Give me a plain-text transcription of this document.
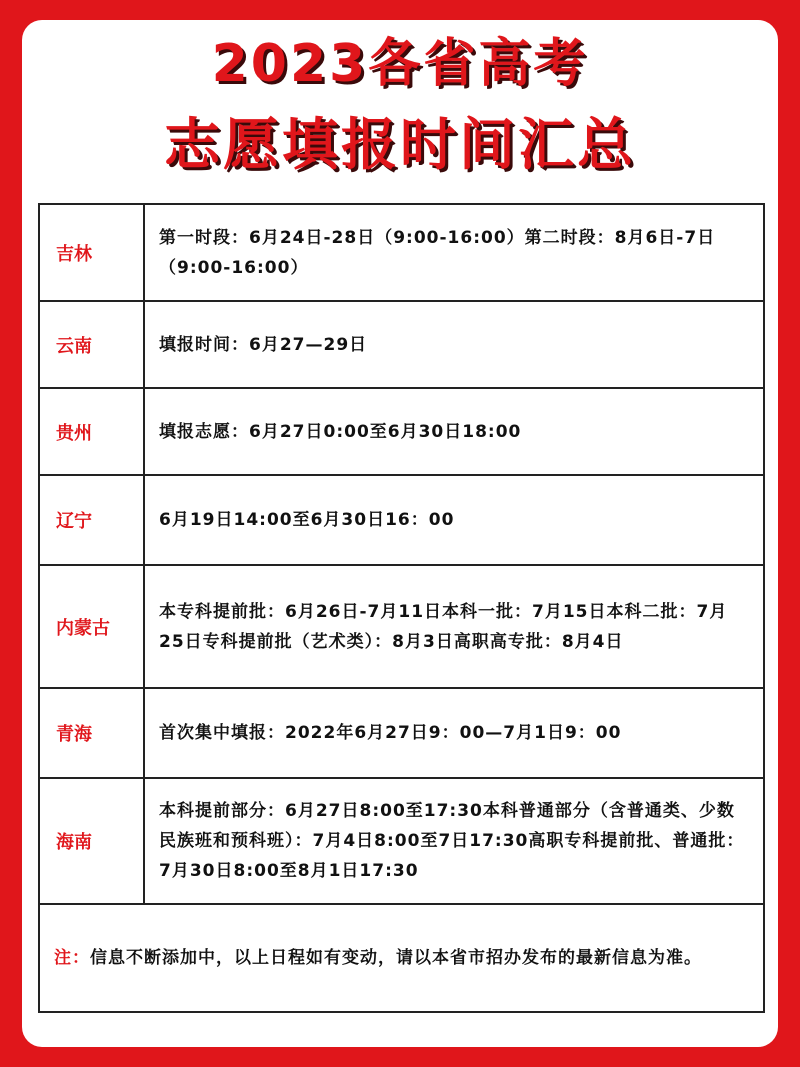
2023各省高考
志愿填报时间汇总
吉林	第一时段：6月24日-28日（9:00-16:00）第二时段：8月6日-7日（9:00-16:00）
云南	填报时间：6月27—29日
贵州	填报志愿：6月27日0:00至6月30日18:00
辽宁	6月19日14:00至6月30日16：00
内蒙古	本专科提前批：6月26日-7月11日本科一批：7月15日本科二批：7月25日专科提前批（艺术类）：8月3日高职高专批：8月4日
青海	首次集中填报：2022年6月27日9：00—7月1日9：00
海南	本科提前部分：6月27日8:00至17:30本科普通部分（含普通类、少数民族班和预科班）：7月4日8:00至7日17:30高职专科提前批、普通批：7月30日8:00至8月1日17:30
注：信息不断添加中，以上日程如有变动，请以本省市招办发布的最新信息为准。	
